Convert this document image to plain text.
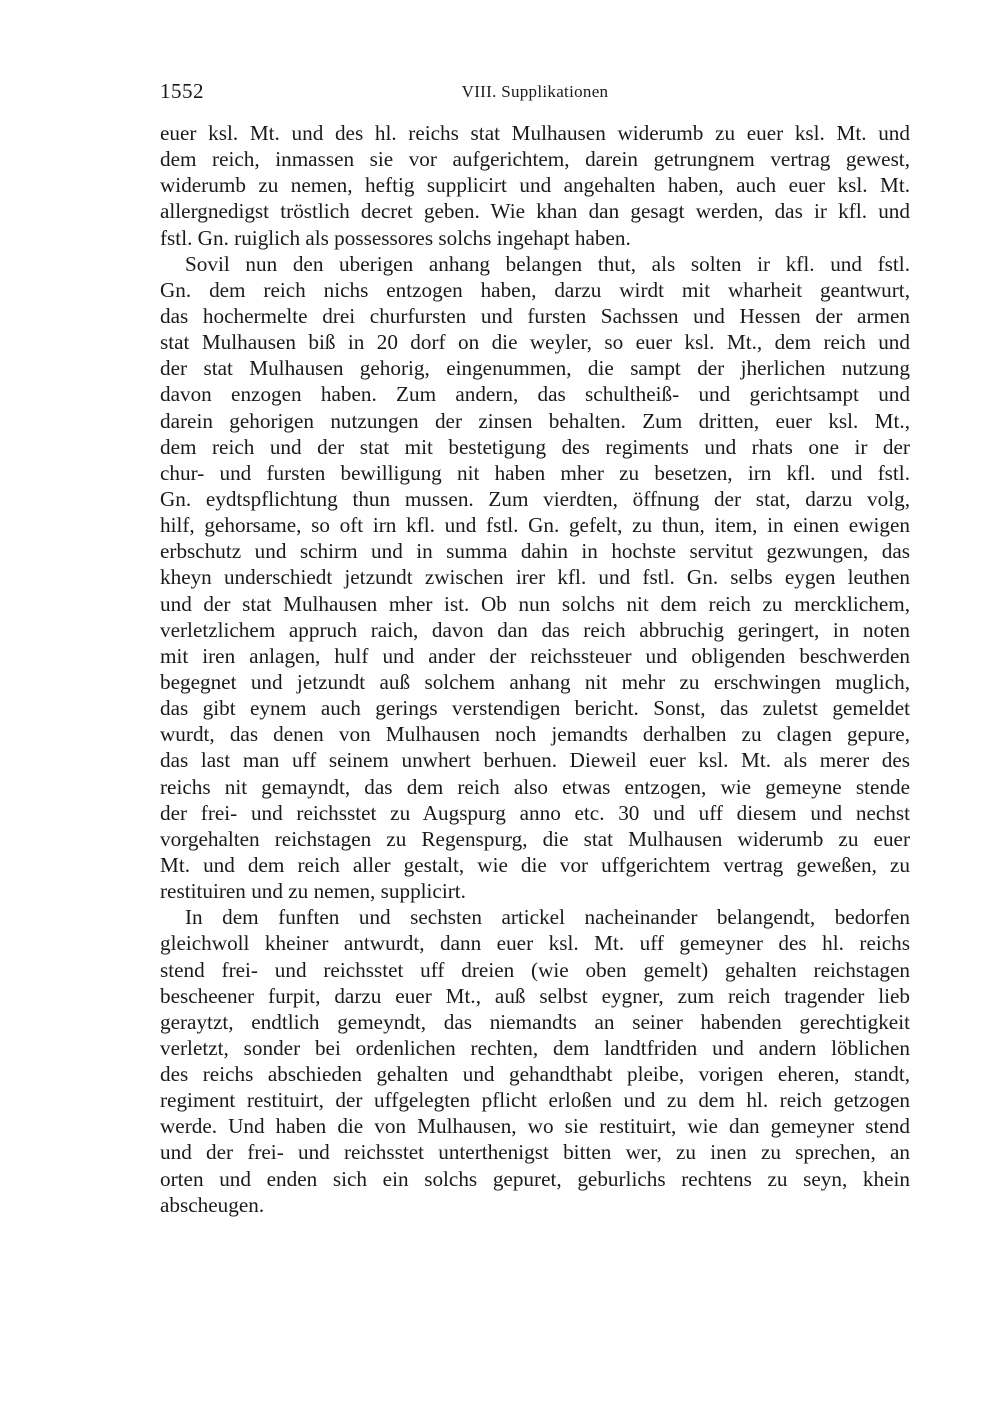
1552	VIII. Supplikationen
euer ksl. Mt. und des hl. reichs stat Mulhausen widerumb zu euer ksl. Mt. und
dem reich, inmassen sie vor aufgerichtem, darein getrungnem vertrag gewest,
widerumb zu nemen, heftig supplicirt und angehalten haben, auch euer ksl. Mt.
allergnedigst tröstlich decret geben. Wie khan dan gesagt werden, das ir kfl. und
fstl. Gn. ruiglich als possessores solchs ingehapt haben.
Sovil nun den uberigen anhang belangen thut, als solten ir kfl. und fstl.
Gn. dem reich nichs entzogen haben, darzu wirdt mit wharheit geantwurt,
das hochermelte drei churfursten und fursten Sachssen und Hessen der armen
stat Mulhausen biß in 20 dorf on die weyler, so euer ksl. Mt., dem reich und
der stat Mulhausen gehorig, eingenummen, die sampt der jherlichen nutzung
davon enzogen haben. Zum andern, das schultheiß- und gerichtsampt und
darein gehorigen nutzungen der zinsen behalten. Zum dritten, euer ksl. Mt.,
dem reich und der stat mit bestetigung des regiments und rhats one ir der
chur- und fursten bewilligung nit haben mher zu besetzen, irn kfl. und fstl.
Gn. eydtspflichtung thun mussen. Zum vierdten, öffnung der stat, darzu volg,
hilf, gehorsame, so oft irn kfl. und fstl. Gn. gefelt, zu thun, item, in einen ewigen
erbschutz und schirm und in summa dahin in hochste servitut gezwungen, das
kheyn underschiedt jetzundt zwischen irer kfl. und fstl. Gn. selbs eygen leuthen
und der stat Mulhausen mher ist. Ob nun solchs nit dem reich zu mercklichem,
verletzlichem appruch raich, davon dan das reich abbruchig geringert, in noten
mit iren anlagen, hulf und ander der reichssteuer und obligenden beschwerden
begegnet und jetzundt auß solchem anhang nit mehr zu erschwingen muglich,
das gibt eynem auch gerings verstendigen bericht. Sonst, das zuletst gemeldet
wurdt, das denen von Mulhausen noch jemandts derhalben zu clagen gepure,
das last man uff seinem unwhert berhuen. Dieweil euer ksl. Mt. als merer des
reichs nit gemayndt, das dem reich also etwas entzogen, wie gemeyne stende
der frei- und reichsstet zu Augspurg anno etc. 30 und uff diesem und nechst
vorgehalten reichstagen zu Regenspurg, die stat Mulhausen widerumb zu euer
Mt. und dem reich aller gestalt, wie die vor uffgerichtem vertrag geweßen, zu
restituiren und zu nemen, supplicirt.
In dem funften und sechsten artickel nacheinander belangendt, bedorfen
gleichwoll kheiner antwurdt, dann euer ksl. Mt. uff gemeyner des hl. reichs
stend frei- und reichsstet uff dreien (wie oben gemelt) gehalten reichstagen
bescheener furpit, darzu euer Mt., auß selbst eygner, zum reich tragender lieb
geraytzt, endtlich gemeyndt, das niemandts an seiner habenden gerechtigkeit
verletzt, sonder bei ordenlichen rechten, dem landtfriden und andern löblichen
des reichs abschieden gehalten und gehandthabt pleibe, vorigen eheren, standt,
regiment restituirt, der uffgelegten pflicht erloßen und zu dem hl. reich getzogen
werde. Und haben die von Mulhausen, wo sie restituirt, wie dan gemeyner stend
und der frei- und reichsstet unterthenigst bitten wer, zu inen zu sprechen, an
orten und enden sich ein solchs gepuret, geburlichs rechtens zu seyn, khein
abscheugen.
